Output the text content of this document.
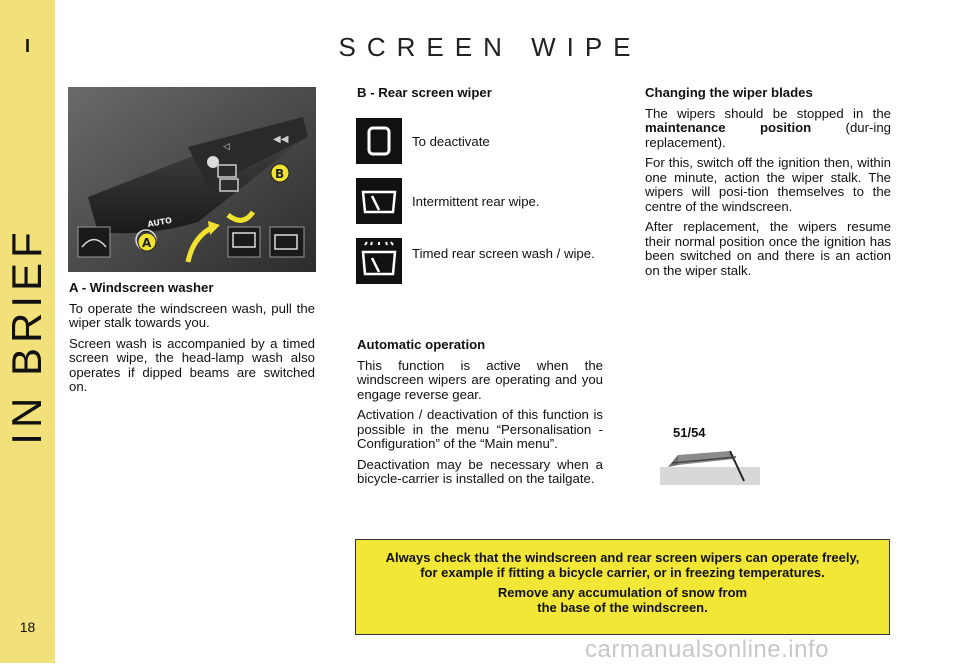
I
IN BRIEF
18
SCREEN WIPE
◁
◀◀
AUTO
A
B

A - Windscreen washer

To operate the windscreen wash, pull the wiper stalk towards you.

Screen wash is accompanied by a timed screen wipe, the head-lamp wash also operates if dipped beams are switched on.

B - Rear screen wiper
To deactivate
Intermittent rear wipe.
Timed rear screen wash / wipe.

Automatic operation

This function is active when the windscreen wipers are operating and you engage reverse gear.

Activation / deactivation of this function is possible in the menu “Personalisation - Configuration” of the “Main menu”.

Deactivation may be necessary when a bicycle-carrier is installed on the tailgate.

Changing the wiper blades

The wipers should be stopped in the maintenance position (dur-ing replacement).

For this, switch off the ignition then, within one minute, action the wiper stalk. The wipers will posi-tion themselves to the centre of the windscreen.

After replacement, the wipers resume their normal position once the ignition has been switched on and there is an action on the wiper stalk.

51/54

Always check that the windscreen and rear screen wipers can operate freely, for example if fitting a bicycle carrier, or in freezing temperatures.

Remove any accumulation of snow from the base of the windscreen.

carmanualsonline.info
